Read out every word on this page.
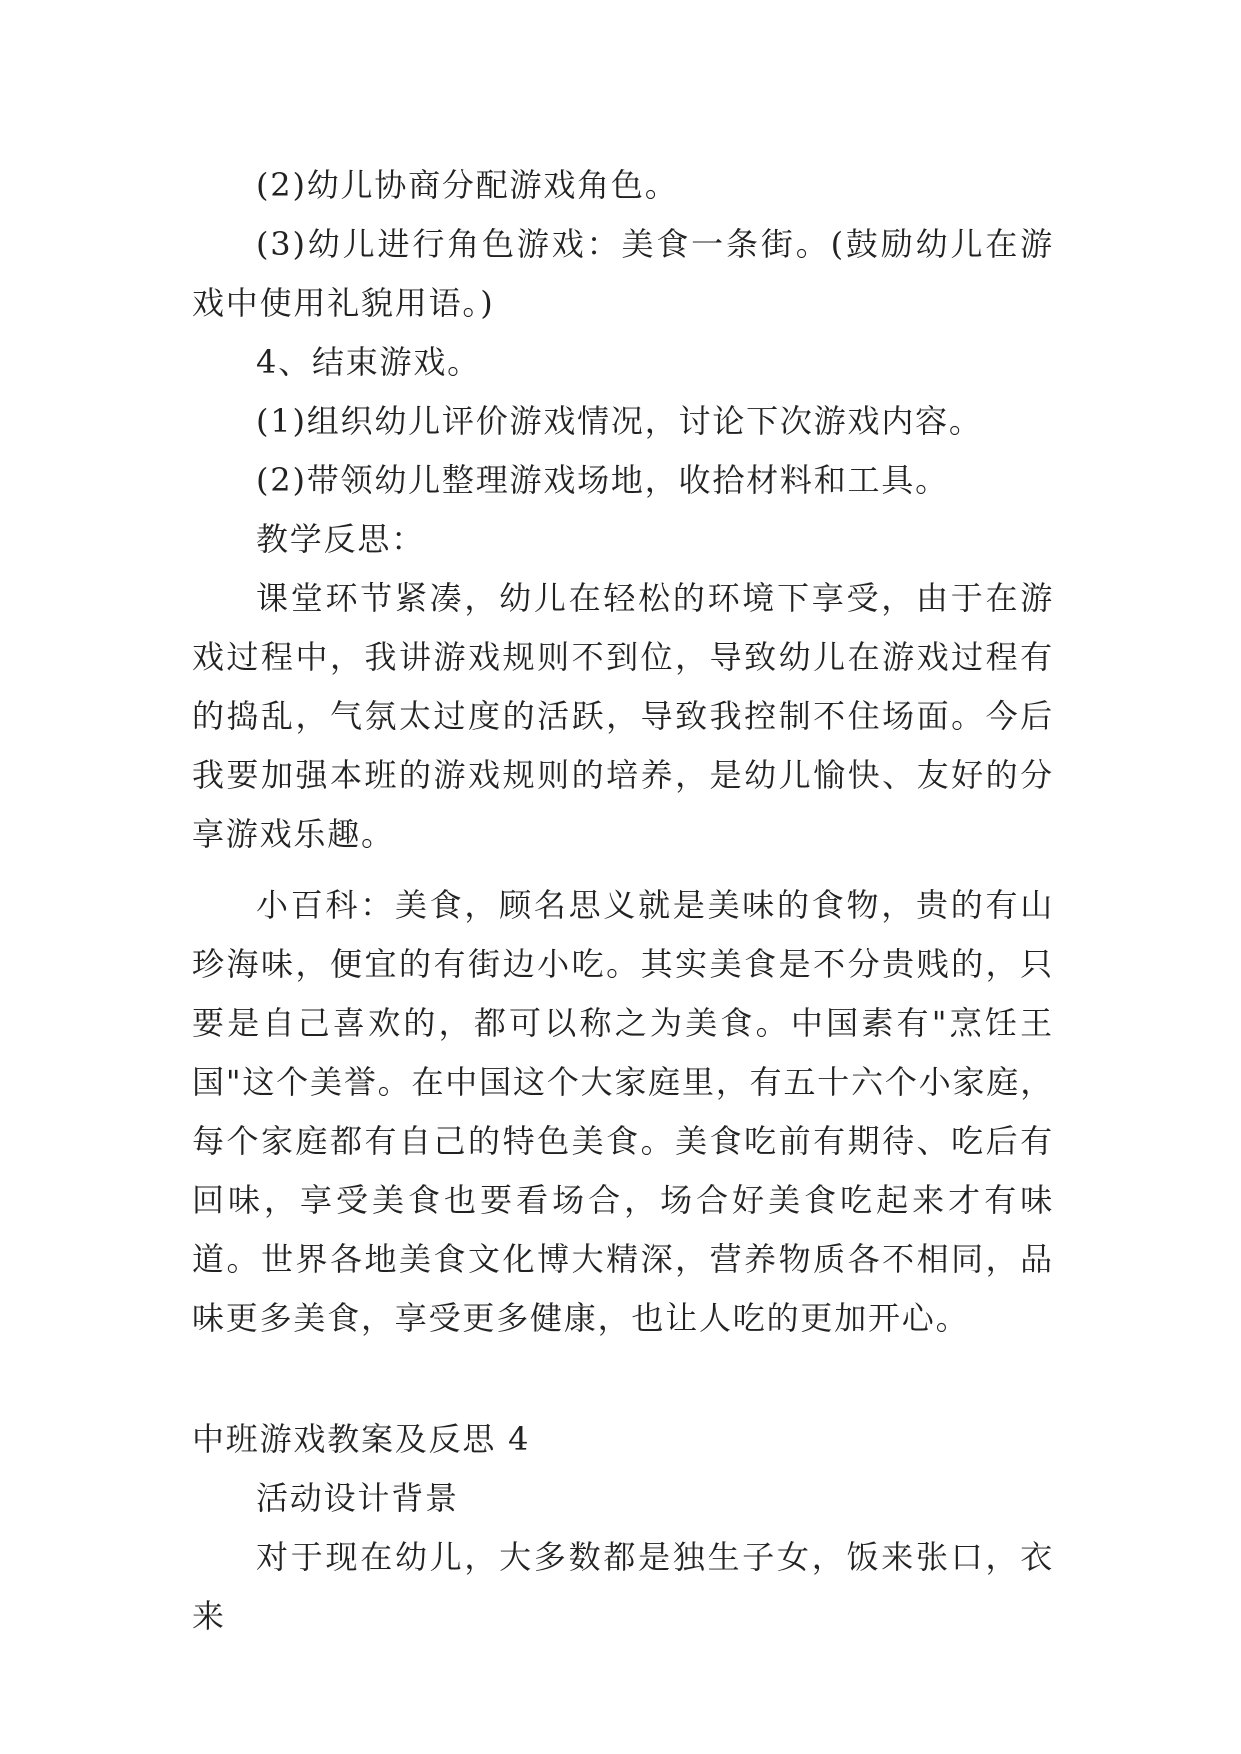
(2)幼儿协商分配游戏角色。

(3)幼儿进行角色游戏：美食一条街。(鼓励幼儿在游戏中使用礼貌用语。)

4、结束游戏。

(1)组织幼儿评价游戏情况，讨论下次游戏内容。

(2)带领幼儿整理游戏场地，收拾材料和工具。

教学反思：

课堂环节紧凑，幼儿在轻松的环境下享受，由于在游戏过程中，我讲游戏规则不到位，导致幼儿在游戏过程有的捣乱，气氛太过度的活跃，导致我控制不住场面。今后我要加强本班的游戏规则的培养，是幼儿愉快、友好的分享游戏乐趣。

小百科：美食，顾名思义就是美味的食物，贵的有山珍海味，便宜的有街边小吃。其实美食是不分贵贱的，只要是自己喜欢的，都可以称之为美食。中国素有"烹饪王国"这个美誉。在中国这个大家庭里，有五十六个小家庭，每个家庭都有自己的特色美食。美食吃前有期待、吃后有回味，享受美食也要看场合，场合好美食吃起来才有味道。世界各地美食文化博大精深，营养物质各不相同，品味更多美食，享受更多健康，也让人吃的更加开心。

中班游戏教案及反思 4

活动设计背景

对于现在幼儿，大多数都是独生子女，饭来张口，衣来
